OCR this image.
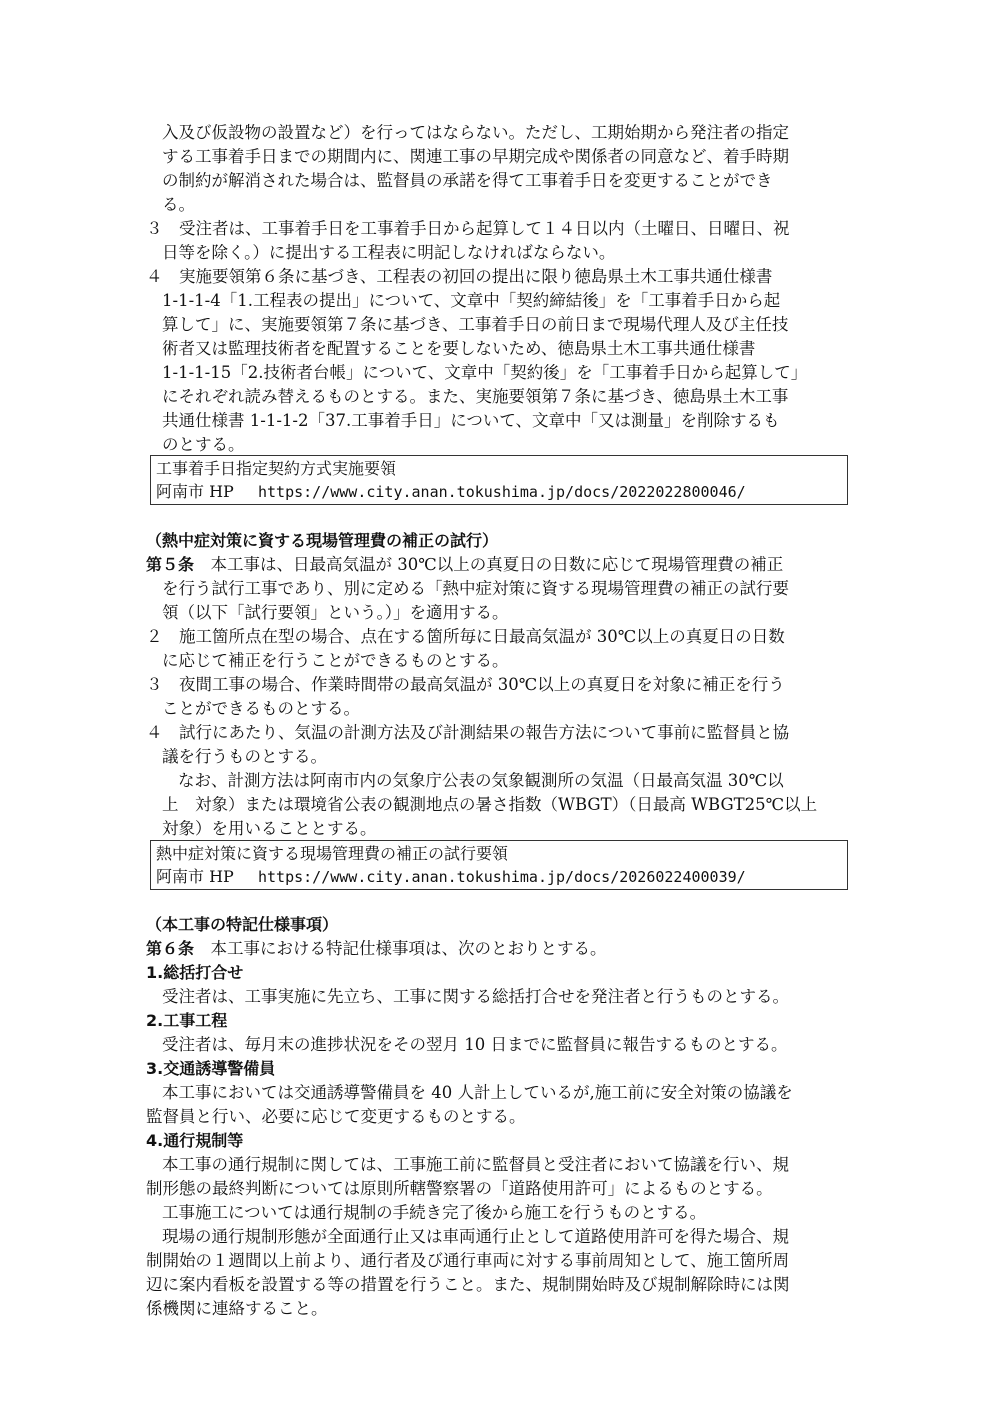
入及び仮設物の設置など）を行ってはならない。ただし、工期始期から発注者の指定
する工事着手日までの期間内に、関連工事の早期完成や関係者の同意など、着手時期
の制約が解消された場合は、監督員の承諾を得て工事着手日を変更することができ
る。
３　受注者は、工事着手日を工事着手日から起算して１４日以内（土曜日、日曜日、祝
日等を除く。）に提出する工程表に明記しなければならない。
４　実施要領第６条に基づき、工程表の初回の提出に限り徳島県土木工事共通仕様書
1-1-1-4「1.工程表の提出」について、文章中「契約締結後」を「工事着手日から起
算して」に、実施要領第７条に基づき、工事着手日の前日まで現場代理人及び主任技
術者又は監理技術者を配置することを要しないため、徳島県土木工事共通仕様書
1-1-1-15「2.技術者台帳」について、文章中「契約後」を「工事着手日から起算して」
にそれぞれ読み替えるものとする。また、実施要領第７条に基づき、徳島県土木工事
共通仕様書 1-1-1-2「37.工事着手日」について、文章中「又は測量」を削除するも
のとする。
工事着手日指定契約方式実施要領
阿南市 HP https://www.city.anan.tokushima.jp/docs/2022022800046/
（熱中症対策に資する現場管理費の補正の試行）
第５条　本工事は、日最高気温が 30℃以上の真夏日の日数に応じて現場管理費の補正
を行う試行工事であり、別に定める「熱中症対策に資する現場管理費の補正の試行要
領（以下「試行要領」という。）」を適用する。
２　施工箇所点在型の場合、点在する箇所毎に日最高気温が 30℃以上の真夏日の日数
に応じて補正を行うことができるものとする。
３　夜間工事の場合、作業時間帯の最高気温が 30℃以上の真夏日を対象に補正を行う
ことができるものとする。
４　試行にあたり、気温の計測方法及び計測結果の報告方法について事前に監督員と協
議を行うものとする。
なお、計測方法は阿南市内の気象庁公表の気象観測所の気温（日最高気温 30℃以
上　対象）または環境省公表の観測地点の暑さ指数（WBGT）（日最高 WBGT25℃以上
対象）を用いることとする。
熱中症対策に資する現場管理費の補正の試行要領
阿南市 HP https://www.city.anan.tokushima.jp/docs/2026022400039/
（本工事の特記仕様事項）
第６条　本工事における特記仕様事項は、次のとおりとする。
1.総括打合せ
受注者は、工事実施に先立ち、工事に関する総括打合せを発注者と行うものとする。
2.工事工程
受注者は、毎月末の進捗状況をその翌月 10 日までに監督員に報告するものとする。
3.交通誘導警備員
本工事においては交通誘導警備員を 40 人計上しているが,施工前に安全対策の協議を
監督員と行い、必要に応じて変更するものとする。
4.通行規制等
本工事の通行規制に関しては、工事施工前に監督員と受注者において協議を行い、規
制形態の最終判断については原則所轄警察署の「道路使用許可」によるものとする。
工事施工については通行規制の手続き完了後から施工を行うものとする。
現場の通行規制形態が全面通行止又は車両通行止として道路使用許可を得た場合、規
制開始の１週間以上前より、通行者及び通行車両に対する事前周知として、施工箇所周
辺に案内看板を設置する等の措置を行うこと。また、規制開始時及び規制解除時には関
係機関に連絡すること。
